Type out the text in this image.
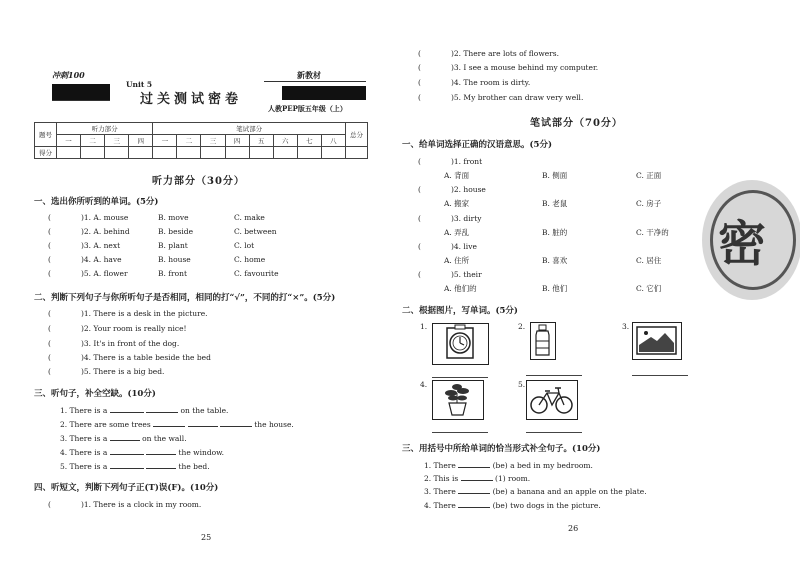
冲刺100
Unit 5
新教材
过关测试密卷
人教PEP版五年级（上）
题号	听力部分				笔试部分								总分
	一	二	三	四	一	二	三	四	五	六	七	八	
得分													
听力部分（30分）
一、选出你所听到的单词。(5分)
(	)1. A. mouse	B. move	C. make
(	)2. A. behind	B. beside	C. between
(	)3. A. next	B. plant	C. lot
(	)4. A. have	B. house	C. home
(	)5. A. flower	B. front	C. favourite
二、判断下列句子与你所听句子是否相同，相同的打“√”，不同的打“×”。(5分)
(	)1. There is a desk in the picture.
(	)2. Your room is really nice!
(	)3. It's in front of the dog.
(	)4. There is a table beside the bed
(	)5. There is a big bed.
三、听句子，补全空缺。(10分)
1. There is a	on the table.
2. There are some trees	the house.
3. There is a	on the wall.
4. There is a	the window.
5. There is a	the bed.
四、听短文，判断下列句子正(T)误(F)。(10分)
(	)1. There is a clock in my room.
25
(	)2. There are lots of flowers.
(	)3. I see a mouse behind my computer.
(	)4. The room is dirty.
(	)5. My brother can draw very well.
笔试部分（70分）
一、给单词选择正确的汉语意思。(5分)
(	)1. front
A. 背面	B. 侧面	C. 正面
(	)2. house
A. 搬家	B. 老鼠	C. 房子
(	)3. dirty
A. 弄乱	B. 脏的	C. 干净的
(	)4. live
A. 住所	B. 喜欢	C. 居住
(	)5. their
A. 他们的	B. 他们	C. 它们
密
二、根据图片，写单词。(5分)
1.	2.	3.
4.	5.
三、用括号中所给单词的恰当形式补全句子。(10分)
1. There	(be) a bed in my bedroom.
2. This is	(1) room.
3. There	(be) a banana and an apple on the plate.
4. There	(be) two dogs in the picture.
26
